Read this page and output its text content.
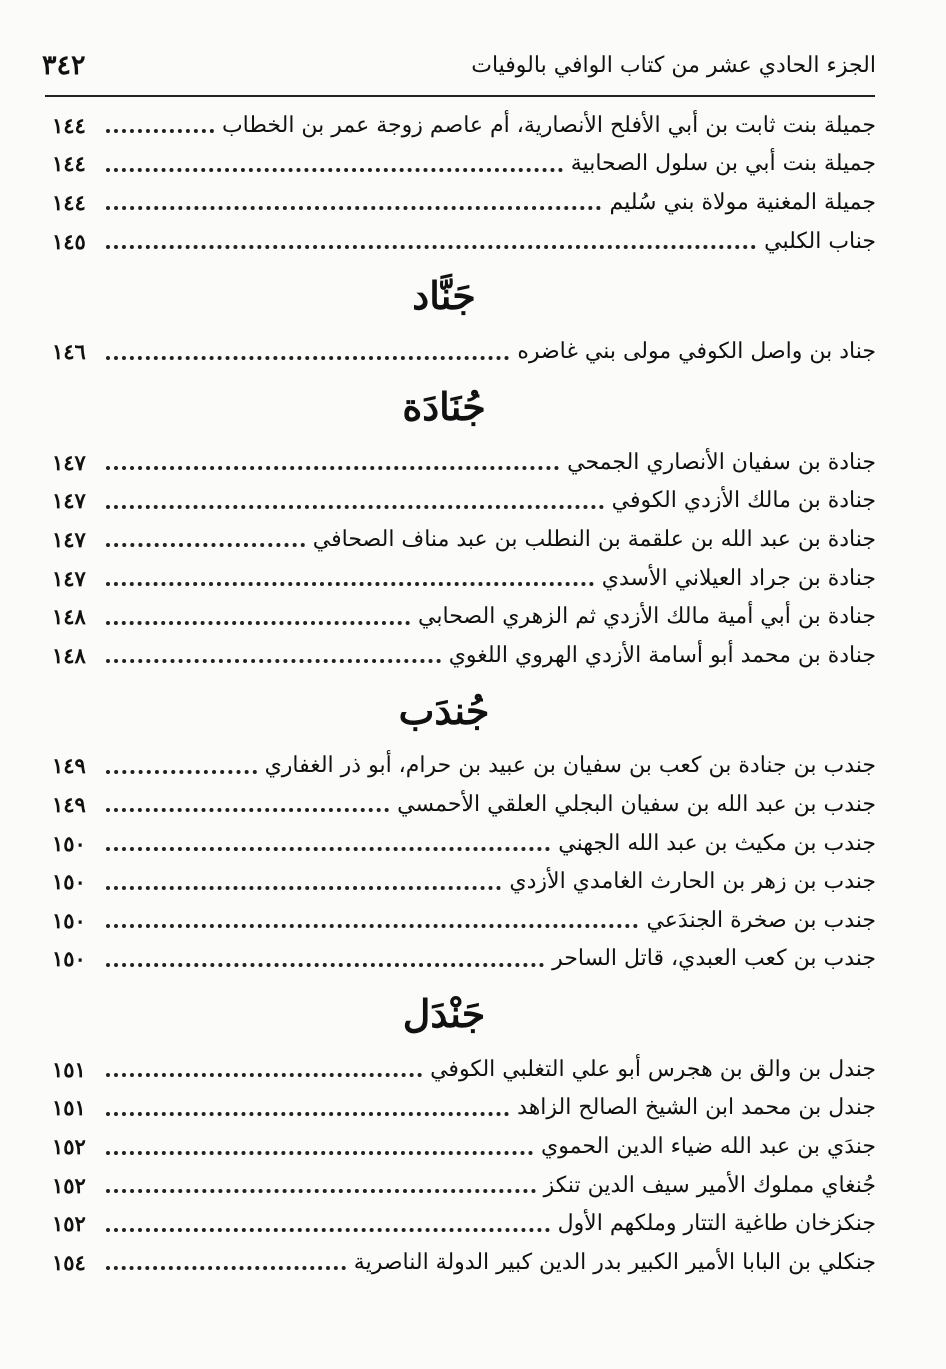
٣٤٢	الجزء الحادي عشر من كتاب الوافي بالوفيات
١٤٤	جميلة بنت ثابت بن أبي الأفلح الأنصارية، أم عاصم زوجة عمر بن الخطاب
١٤٤	جميلة بنت أبي بن سلول الصحابية
١٤٤	جميلة المغنية مولاة بني سُليم
١٤٥	جناب الكلبي
جَنَّاد
١٤٦	جناد بن واصل الكوفي مولى بني غاضره
جُنَادَة
١٤٧	جنادة بن سفيان الأنصاري الجمحي
١٤٧	جنادة بن مالك الأزدي الكوفي
١٤٧	جنادة بن عبد الله بن علقمة بن النطلب بن عبد مناف الصحافي
١٤٧	جنادة بن جراد العيلاني الأسدي
١٤٨	جنادة بن أبي أمية مالك الأزدي ثم الزهري الصحابي
١٤٨	جنادة بن محمد أبو أسامة الأزدي الهروي اللغوي
جُندَب
١٤٩	جندب بن جنادة بن كعب بن سفيان بن عبيد بن حرام، أبو ذر الغفاري
١٤٩	جندب بن عبد الله بن سفيان البجلي العلقي الأحمسي
١٥٠	جندب بن مكيث بن عبد الله الجهني
١٥٠	جندب بن زهر بن الحارث الغامدي الأزدي
١٥٠	جندب بن صخرة الجندَعي
١٥٠	جندب بن كعب العبدي، قاتل الساحر
جَنْدَل
١٥١	جندل بن والق بن هجرس أبو علي التغلبي الكوفي
١٥١	جندل بن محمد ابن الشيخ الصالح الزاهد
١٥٢	جندَي بن عبد الله ضياء الدين الحموي
١٥٢	جُنغاي مملوك الأمير سيف الدين تنكز
١٥٢	جنكزخان طاغية التتار وملكهم الأول
١٥٤	جنكلي بن البابا الأمير الكبير بدر الدين كبير الدولة الناصرية
